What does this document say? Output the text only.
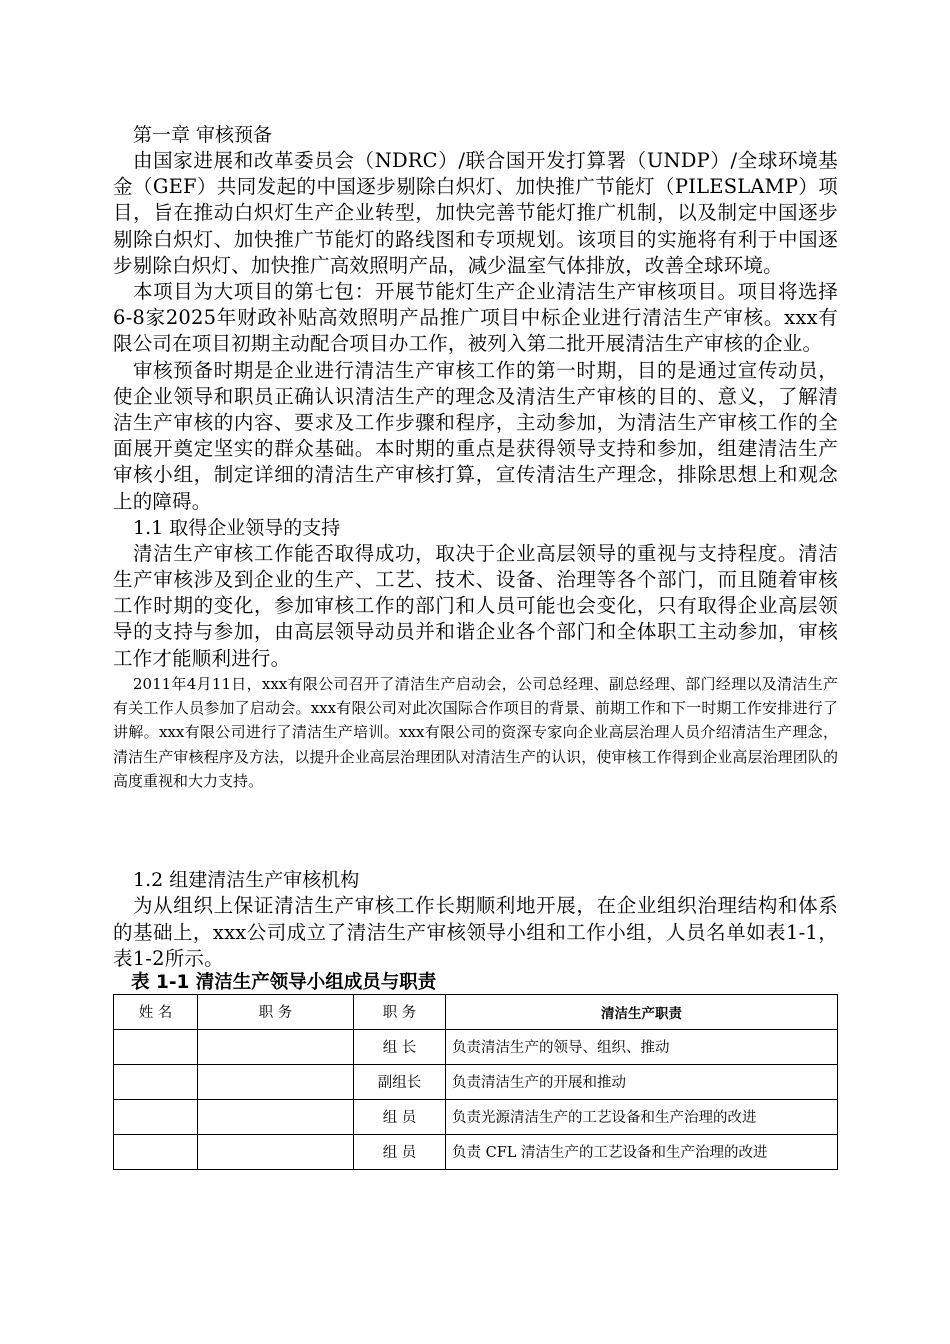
第一章 审核预备

由国家进展和改革委员会（NDRC）/联合国开发打算署（UNDP）/全球环境基金（GEF）共同发起的中国逐步剔除白炽灯、加快推广节能灯（PILESLAMP）项目，旨在推动白炽灯生产企业转型，加快完善节能灯推广机制，以及制定中国逐步剔除白炽灯、加快推广节能灯的路线图和专项规划。该项目的实施将有利于中国逐步剔除白炽灯、加快推广高效照明产品，减少温室气体排放，改善全球环境。

本项目为大项目的第七包：开展节能灯生产企业清洁生产审核项目。项目将选择6-8家2025年财政补贴高效照明产品推广项目中标企业进行清洁生产审核。xxx有限公司在项目初期主动配合项目办工作，被列入第二批开展清洁生产审核的企业。

审核预备时期是企业进行清洁生产审核工作的第一时期，目的是通过宣传动员，使企业领导和职员正确认识清洁生产的理念及清洁生产审核的目的、意义，了解清洁生产审核的内容、要求及工作步骤和程序，主动参加，为清洁生产审核工作的全面展开奠定坚实的群众基础。本时期的重点是获得领导支持和参加，组建清洁生产审核小组，制定详细的清洁生产审核打算，宣传清洁生产理念，排除思想上和观念上的障碍。

1.1 取得企业领导的支持

清洁生产审核工作能否取得成功，取决于企业高层领导的重视与支持程度。清洁生产审核涉及到企业的生产、工艺、技术、设备、治理等各个部门，而且随着审核工作时期的变化，参加审核工作的部门和人员可能也会变化，只有取得企业高层领导的支持与参加，由高层领导动员并和谐企业各个部门和全体职工主动参加，审核工作才能顺利进行。

2011年4月11日，xxx有限公司召开了清洁生产启动会，公司总经理、副总经理、部门经理以及清洁生产有关工作人员参加了启动会。xxx有限公司对此次国际合作项目的背景、前期工作和下一时期工作安排进行了讲解。xxx有限公司进行了清洁生产培训。xxx有限公司的资深专家向企业高层治理人员介绍清洁生产理念，清洁生产审核程序及方法，以提升企业高层治理团队对清洁生产的认识，使审核工作得到企业高层治理团队的高度重视和大力支持。

1.2 组建清洁生产审核机构

为从组织上保证清洁生产审核工作长期顺利地开展，在企业组织治理结构和体系的基础上，xxx公司成立了清洁生产审核领导小组和工作小组，人员名单如表1-1，表1-2所示。

表 1-1 清洁生产领导小组成员与职责

姓 名	职 务	职 务	清洁生产职责
		组 长	负责清洁生产的领导、组织、推动
		副组长	负责清洁生产的开展和推动
		组 员	负责光源清洁生产的工艺设备和生产治理的改进
		组 员	负责 CFL 清洁生产的工艺设备和生产治理的改进
